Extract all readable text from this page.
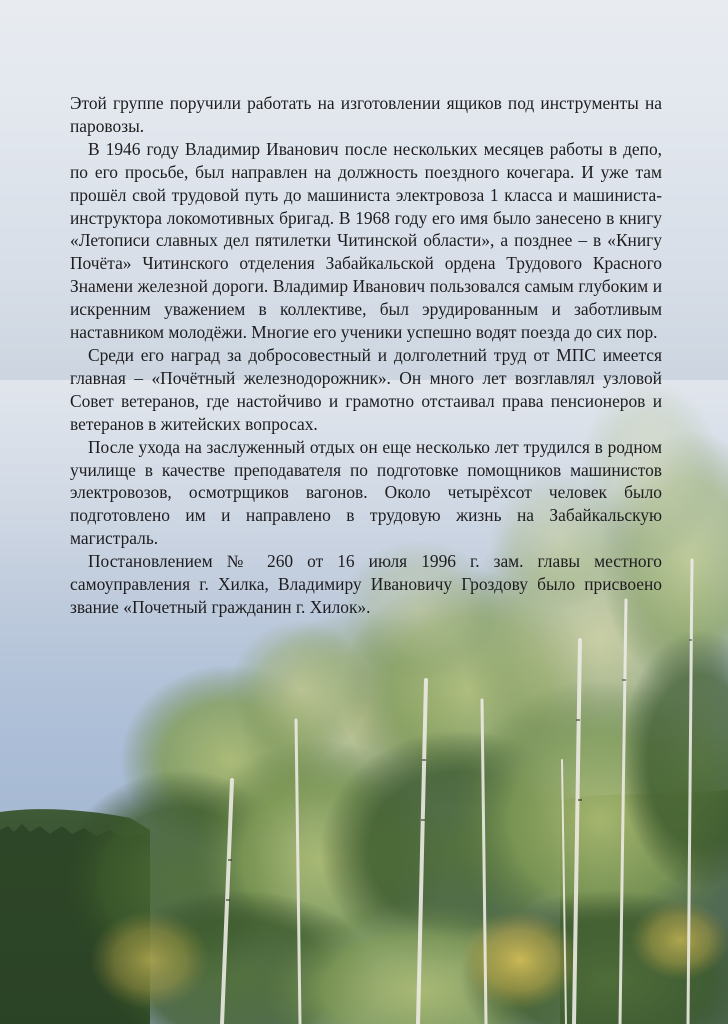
Этой группе поручили работать на изготовлении ящиков под инструменты на паровозы.

В 1946 году Владимир Иванович после нескольких месяцев работы в депо, по его просьбе, был направлен на должность поездного кочегара. И уже там прошёл свой трудовой путь до машиниста электровоза 1 класса и машиниста-инструктора локомотивных бригад. В 1968 году его имя было занесено в книгу «Летописи славных дел пятилетки Читинской области», а позднее – в «Книгу Почёта» Читинского отделения Забайкальской ордена Трудового Красного Знамени железной дороги. Владимир Иванович пользовался самым глубоким и искренним уважением в коллективе, был эрудированным и заботливым наставником молодёжи. Многие его ученики успешно водят поезда до сих пор.

Среди его наград за добросовестный и долголетний труд от МПС имеется главная – «Почётный железнодорожник». Он много лет возглавлял узловой Совет ветеранов, где настойчиво и грамотно отстаивал права пенсионеров и ветеранов в житейских вопросах.

После ухода на заслуженный отдых он еще несколько лет трудился в родном училище в качестве преподавателя по подготовке помощников машинистов электровозов, осмотрщиков вагонов. Около четырёхсот человек было подготовлено им и направлено в трудовую жизнь на Забайкальскую магистраль.

Постановлением № 260 от 16 июля 1996 г. зам. главы местного самоуправления г. Хилка, Владимиру Ивановичу Гроздову было присвоено звание «Почетный гражданин г. Хилок».
